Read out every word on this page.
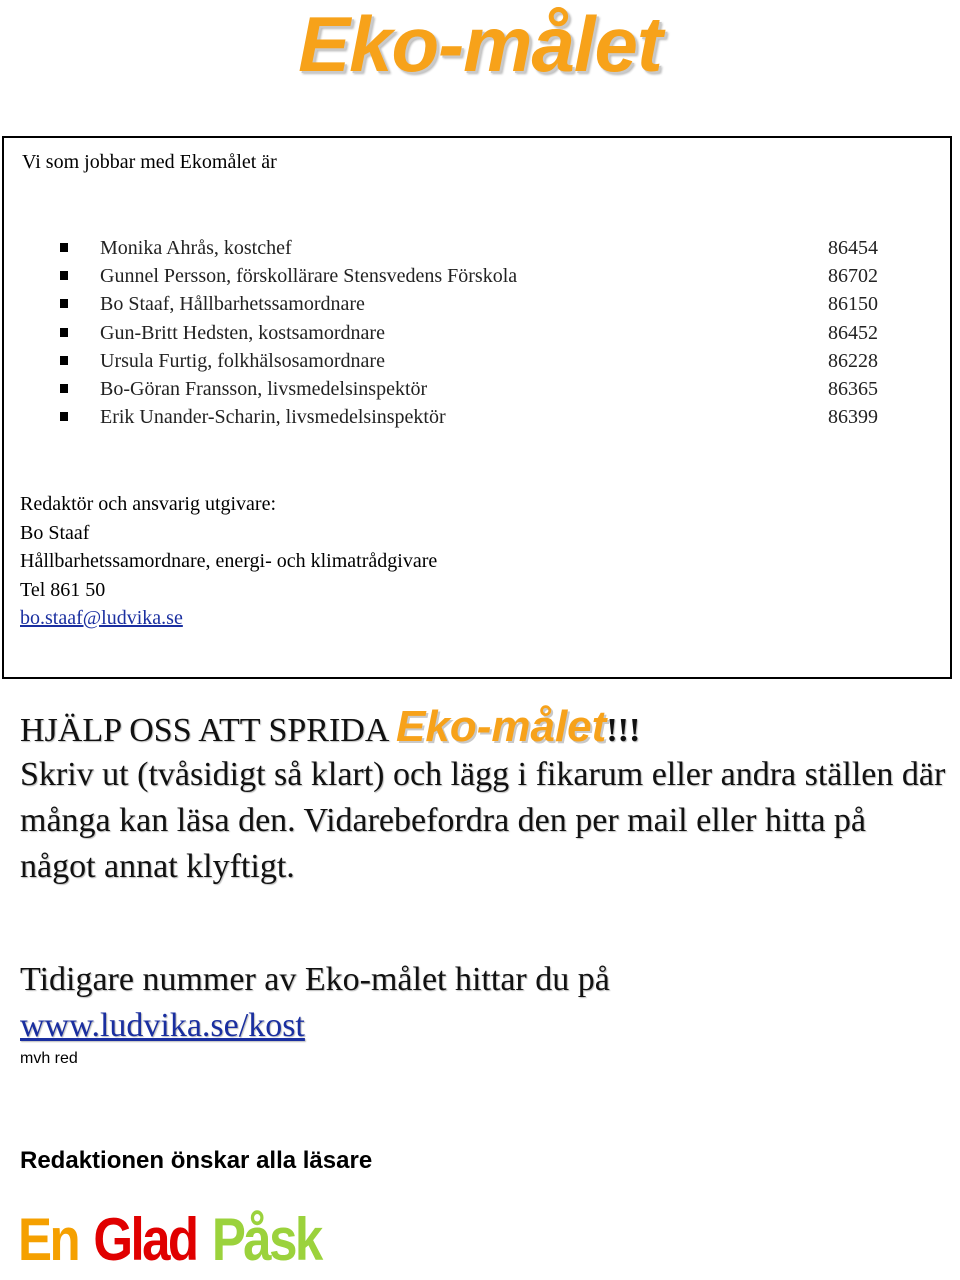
Eko-målet
Vi som jobbar med Ekomålet är
Monika Ahrås, kostchef	86454
Gunnel Persson, förskollärare Stensvedens Förskola	86702
Bo Staaf, Hållbarhetssamordnare	86150
Gun-Britt Hedsten, kostsamordnare	86452
Ursula Furtig, folkhälsosamordnare	86228
Bo-Göran Fransson, livsmedelsinspektör	86365
Erik Unander-Scharin, livsmedelsinspektör	86399
Redaktör och ansvarig utgivare:
Bo Staaf
Hållbarhetssamordnare, energi- och klimatrådgivare
Tel 861 50
bo.staaf@ludvika.se
HJÄLP OSS ATT SPRIDA Eko-målet!!!
Skriv ut (tvåsidigt så klart) och lägg i fikarum eller andra ställen där många kan läsa den. Vidarebefordra den per mail eller hitta på något annat klyftigt.
Tidigare nummer av Eko-målet hittar du på
www.ludvika.se/kost
mvh red
Redaktionen önskar alla läsare
En Glad Påsk
